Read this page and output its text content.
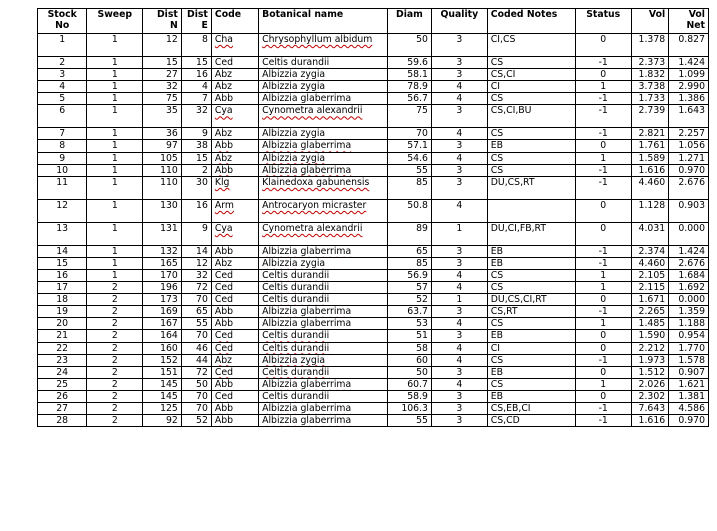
Stock No	Sweep	Dist N	Dist E	Code	Botanical name	Diam	Quality	Coded Notes	Status	Vol	Vol Net
1	1	12	8	Cha	Chrysophyllum albidum	50	3	CI,CS	0	1.378	0.827
2	1	15	15	Ced	Celtis durandii	59.6	3	CS	-1	2.373	1.424
3	1	27	16	Abz	Albizzia zygia	58.1	3	CS,CI	0	1.832	1.099
4	1	32	4	Abz	Albizzia zygia	78.9	4	CI	1	3.738	2.990
5	1	75	7	Abb	Albizzia glaberrima	56.7	4	CS	-1	1.733	1.386
6	1	35	32	Cya	Cynometra alexandrii	75	3	CS,CI,BU	-1	2.739	1.643
7	1	36	9	Abz	Albizzia zygia	70	4	CS	-1	2.821	2.257
8	1	97	38	Abb	Albizzia glaberrima	57.1	3	EB	0	1.761	1.056
9	1	105	15	Abz	Albizzia zygia	54.6	4	CS	1	1.589	1.271
10	1	110	2	Abb	Albizzia glaberrima	55	3	CS	-1	1.616	0.970
11	1	110	30	Klg	Klainedoxa gabunensis	85	3	DU,CS,RT	-1	4.460	2.676
12	1	130	16	Arm	Antrocaryon micraster	50.8	4		0	1.128	0.903
13	1	131	9	Cya	Cynometra alexandrii	89	1	DU,CI,FB,RT	0	4.031	0.000
14	1	132	14	Abb	Albizzia glaberrima	65	3	EB	-1	2.374	1.424
15	1	165	12	Abz	Albizzia zygia	85	3	EB	-1	4.460	2.676
16	1	170	32	Ced	Celtis durandii	56.9	4	CS	1	2.105	1.684
17	2	196	72	Ced	Celtis durandii	57	4	CS	1	2.115	1.692
18	2	173	70	Ced	Celtis durandii	52	1	DU,CS,CI,RT	0	1.671	0.000
19	2	169	65	Abb	Albizzia glaberrima	63.7	3	CS,RT	-1	2.265	1.359
20	2	167	55	Abb	Albizzia glaberrima	53	4	CS	1	1.485	1.188
21	2	164	70	Ced	Celtis durandii	51	3	EB	0	1.590	0.954
22	2	160	46	Ced	Celtis durandii	58	4	CI	0	2.212	1.770
23	2	152	44	Abz	Albizzia zygia	60	4	CS	-1	1.973	1.578
24	2	151	72	Ced	Celtis durandii	50	3	EB	0	1.512	0.907
25	2	145	50	Abb	Albizzia glaberrima	60.7	4	CS	1	2.026	1.621
26	2	145	70	Ced	Celtis durandii	58.9	3	EB	0	2.302	1.381
27	2	125	70	Abb	Albizzia glaberrima	106.3	3	CS,EB,CI	-1	7.643	4.586
28	2	92	52	Abb	Albizzia glaberrima	55	3	CS,CD	-1	1.616	0.970
